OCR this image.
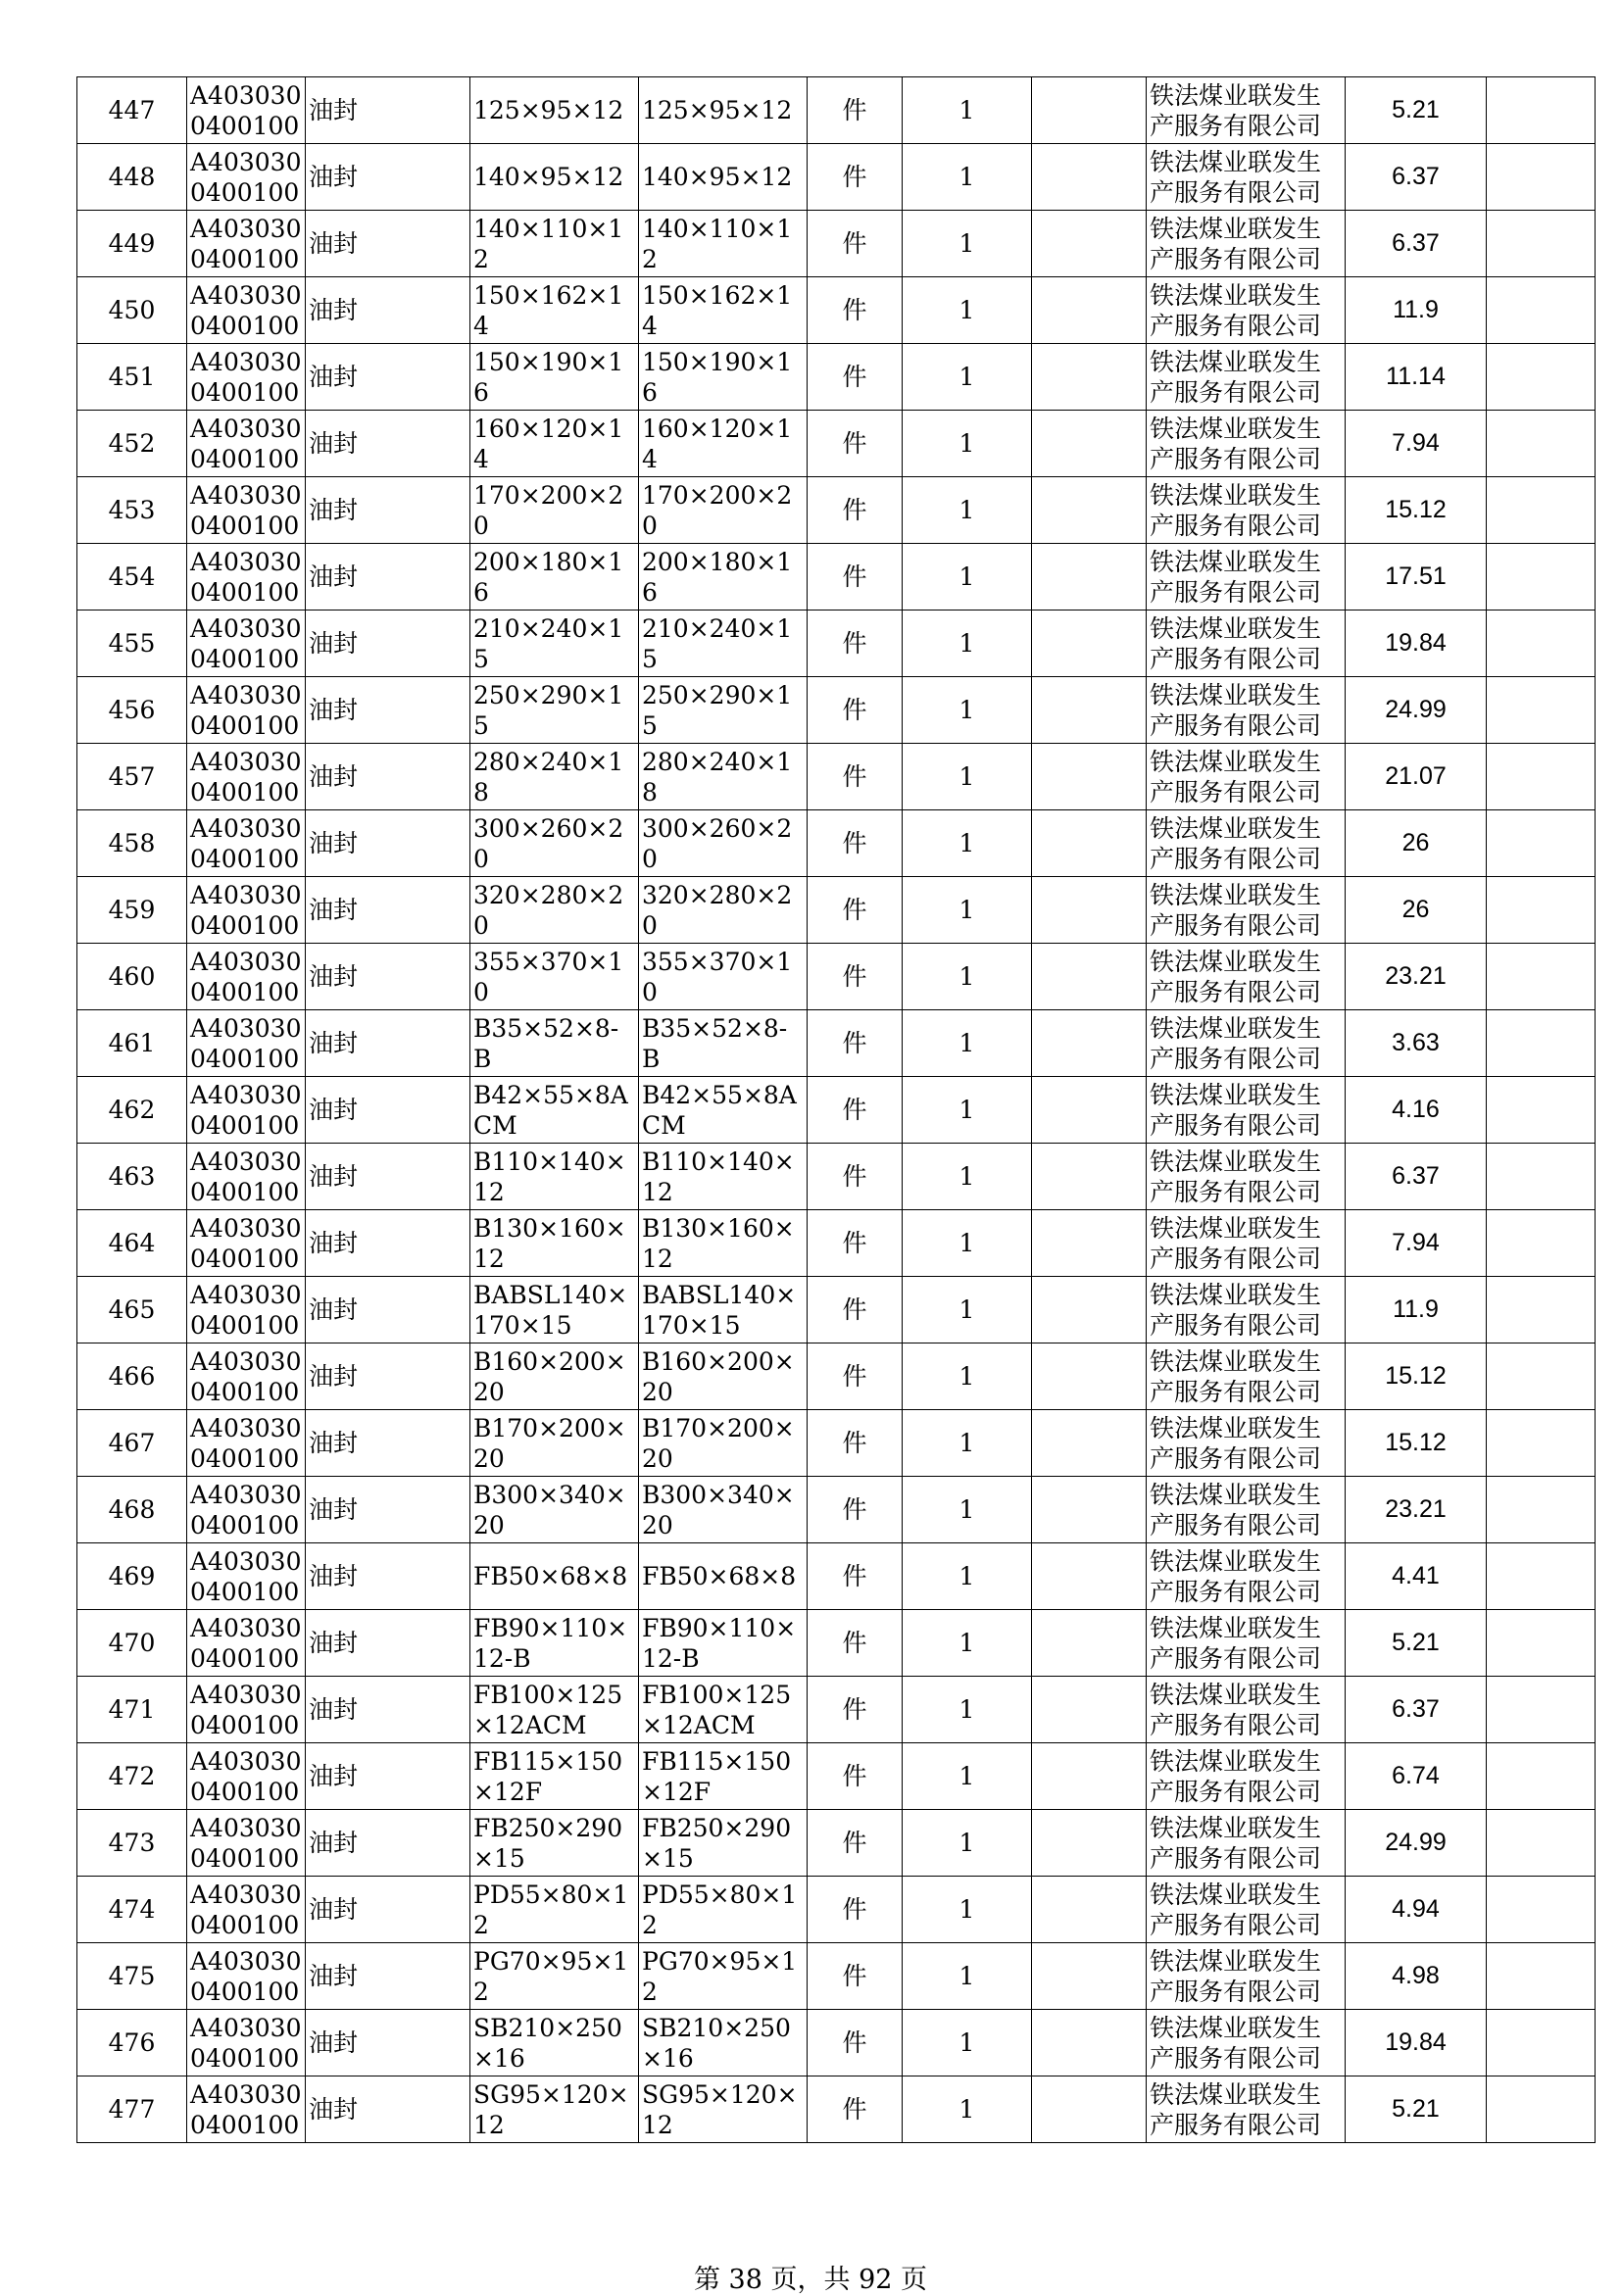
447	A4030300400100	油封	125×95×12	125×95×12	件	1		铁法煤业联发生产服务有限公司	5.21	
448	A4030300400100	油封	140×95×12	140×95×12	件	1		铁法煤业联发生产服务有限公司	6.37	
449	A4030300400100	油封	140×110×12	140×110×12	件	1		铁法煤业联发生产服务有限公司	6.37	
450	A4030300400100	油封	150×162×14	150×162×14	件	1		铁法煤业联发生产服务有限公司	11.9	
451	A4030300400100	油封	150×190×16	150×190×16	件	1		铁法煤业联发生产服务有限公司	11.14	
452	A4030300400100	油封	160×120×14	160×120×14	件	1		铁法煤业联发生产服务有限公司	7.94	
453	A4030300400100	油封	170×200×20	170×200×20	件	1		铁法煤业联发生产服务有限公司	15.12	
454	A4030300400100	油封	200×180×16	200×180×16	件	1		铁法煤业联发生产服务有限公司	17.51	
455	A4030300400100	油封	210×240×15	210×240×15	件	1		铁法煤业联发生产服务有限公司	19.84	
456	A4030300400100	油封	250×290×15	250×290×15	件	1		铁法煤业联发生产服务有限公司	24.99	
457	A4030300400100	油封	280×240×18	280×240×18	件	1		铁法煤业联发生产服务有限公司	21.07	
458	A4030300400100	油封	300×260×20	300×260×20	件	1		铁法煤业联发生产服务有限公司	26	
459	A4030300400100	油封	320×280×20	320×280×20	件	1		铁法煤业联发生产服务有限公司	26	
460	A4030300400100	油封	355×370×10	355×370×10	件	1		铁法煤业联发生产服务有限公司	23.21	
461	A4030300400100	油封	B35×52×8-B	B35×52×8-B	件	1		铁法煤业联发生产服务有限公司	3.63	
462	A4030300400100	油封	B42×55×8ACM	B42×55×8ACM	件	1		铁法煤业联发生产服务有限公司	4.16	
463	A4030300400100	油封	B110×140×12	B110×140×12	件	1		铁法煤业联发生产服务有限公司	6.37	
464	A4030300400100	油封	B130×160×12	B130×160×12	件	1		铁法煤业联发生产服务有限公司	7.94	
465	A4030300400100	油封	BABSL140×170×15	BABSL140×170×15	件	1		铁法煤业联发生产服务有限公司	11.9	
466	A4030300400100	油封	B160×200×20	B160×200×20	件	1		铁法煤业联发生产服务有限公司	15.12	
467	A4030300400100	油封	B170×200×20	B170×200×20	件	1		铁法煤业联发生产服务有限公司	15.12	
468	A4030300400100	油封	B300×340×20	B300×340×20	件	1		铁法煤业联发生产服务有限公司	23.21	
469	A4030300400100	油封	FB50×68×8	FB50×68×8	件	1		铁法煤业联发生产服务有限公司	4.41	
470	A4030300400100	油封	FB90×110×12-B	FB90×110×12-B	件	1		铁法煤业联发生产服务有限公司	5.21	
471	A4030300400100	油封	FB100×125×12ACM	FB100×125×12ACM	件	1		铁法煤业联发生产服务有限公司	6.37	
472	A4030300400100	油封	FB115×150×12F	FB115×150×12F	件	1		铁法煤业联发生产服务有限公司	6.74	
473	A4030300400100	油封	FB250×290×15	FB250×290×15	件	1		铁法煤业联发生产服务有限公司	24.99	
474	A4030300400100	油封	PD55×80×12	PD55×80×12	件	1		铁法煤业联发生产服务有限公司	4.94	
475	A4030300400100	油封	PG70×95×12	PG70×95×12	件	1		铁法煤业联发生产服务有限公司	4.98	
476	A4030300400100	油封	SB210×250×16	SB210×250×16	件	1		铁法煤业联发生产服务有限公司	19.84	
477	A4030300400100	油封	SG95×120×12	SG95×120×12	件	1		铁法煤业联发生产服务有限公司	5.21	
第 38 页，共 92 页
